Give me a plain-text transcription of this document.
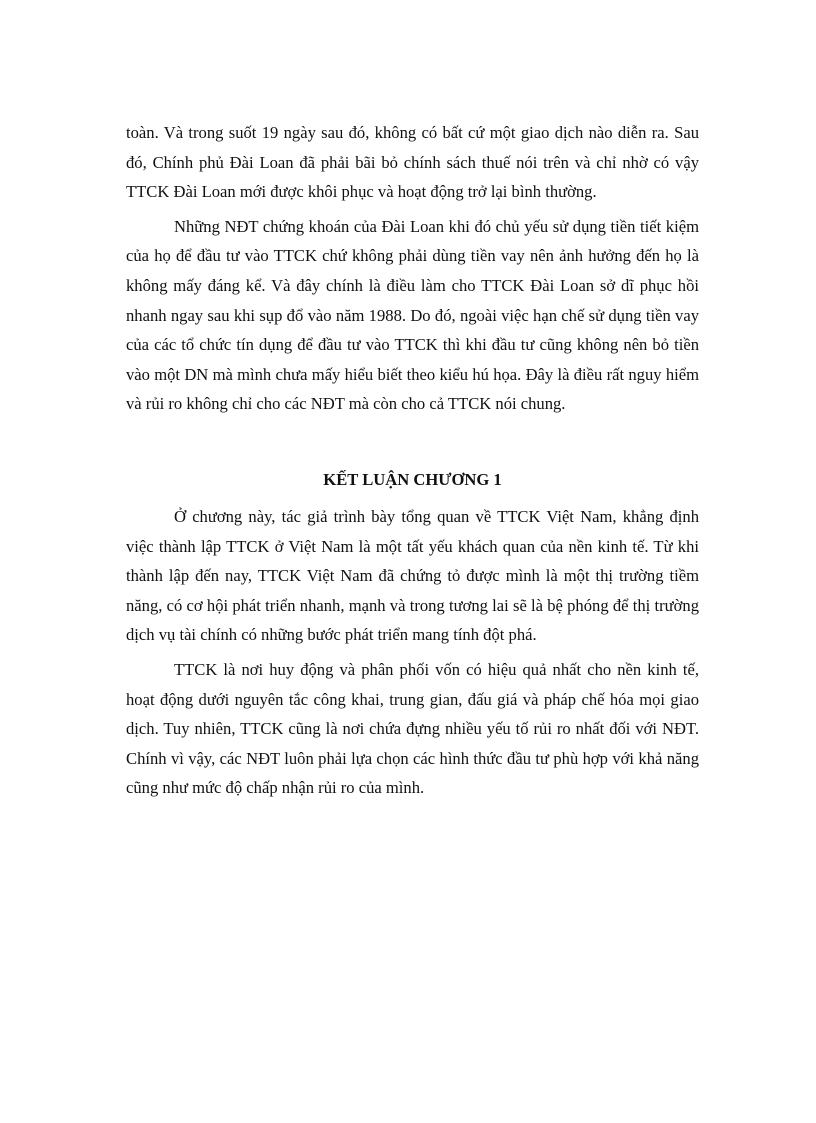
toàn. Và trong suốt 19 ngày sau đó, không có bất cứ một giao dịch nào diễn ra. Sau đó, Chính phủ Đài Loan đã phải bãi bỏ chính sách thuế nói trên và chỉ nhờ có vậy TTCK Đài Loan mới được khôi phục và hoạt động trở lại bình thường.

Những NĐT chứng khoán của Đài Loan khi đó chủ yếu sử dụng tiền tiết kiệm của họ để đầu tư vào TTCK chứ không phải dùng tiền vay nên ảnh hưởng đến họ là không mấy đáng kể. Và đây chính là điều làm cho TTCK Đài Loan sở dĩ phục hồi nhanh ngay sau khi sụp đổ vào năm 1988. Do đó, ngoài việc hạn chế sử dụng tiền vay của các tổ chức tín dụng để đầu tư vào TTCK thì khi đầu tư cũng không nên bỏ tiền vào một DN mà mình chưa mấy hiểu biết theo kiểu hú họa. Đây là điều rất nguy hiểm và rủi ro không chỉ cho các NĐT mà còn cho cả TTCK nói chung.

KẾT LUẬN CHƯƠNG 1

Ở chương này, tác giả trình bày tổng quan về TTCK Việt Nam, khẳng định việc thành lập TTCK ở Việt Nam là một tất yếu khách quan của nền kinh tế. Từ khi thành lập đến nay, TTCK Việt Nam đã chứng tỏ được mình là một thị trường tiềm năng, có cơ hội phát triển nhanh, mạnh và trong tương lai sẽ là bệ phóng để thị trường dịch vụ tài chính có những bước phát triển mang tính đột phá.

TTCK là nơi huy động và phân phối vốn có hiệu quả nhất cho nền kinh tế, hoạt động dưới nguyên tắc công khai, trung gian, đấu giá và pháp chế hóa mọi giao dịch. Tuy nhiên, TTCK cũng là nơi chứa đựng nhiều yếu tố rủi ro nhất đối với NĐT. Chính vì vậy, các NĐT luôn phải lựa chọn các hình thức đầu tư phù hợp với khả năng cũng như mức độ chấp nhận rủi ro của mình.
